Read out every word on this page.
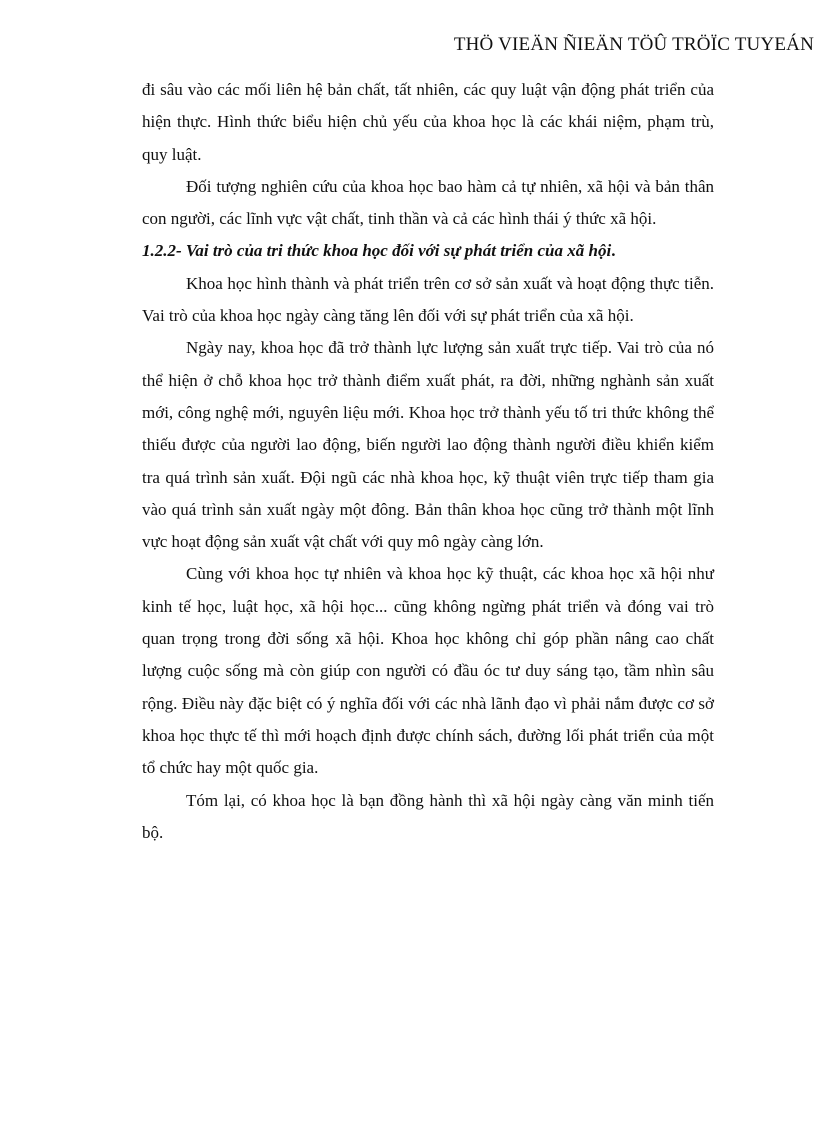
THÖ VIEÄN ÑIEÄN TÖÛ TRÖÏC TUYEÁN

đi sâu vào các mối liên hệ bản chất, tất nhiên, các quy luật vận động phát triển của hiện thực. Hình thức biểu hiện chủ yếu của khoa học là các khái niệm, phạm trù, quy luật.

Đối tượng nghiên cứu của khoa học bao hàm cả tự nhiên, xã hội và bản thân con người, các lĩnh vực vật chất, tinh thần và cả các hình thái ý thức xã hội.

1.2.2- Vai trò của tri thức khoa học đối với sự phát triển của xã hội.

Khoa học hình thành và phát triển trên cơ sở sản xuất và hoạt động thực tiễn. Vai trò của khoa học ngày càng tăng lên đối với sự phát triển của xã hội.

Ngày nay, khoa học đã trở thành lực lượng sản xuất trực tiếp. Vai trò của nó thể hiện ở chỗ khoa học trở thành điểm xuất phát, ra đời, những nghành sản xuất mới, công nghệ mới, nguyên liệu mới. Khoa học trở thành yếu tố tri thức không thể thiếu được của người lao động, biến người lao động thành người điều khiển kiểm tra quá trình sản xuất. Đội ngũ các nhà khoa học, kỹ thuật viên trực tiếp tham gia vào quá trình sản xuất ngày một đông. Bản thân khoa học cũng trở thành một lĩnh vực hoạt động sản xuất vật chất với quy mô ngày càng lớn.

Cùng với khoa học tự nhiên và khoa học kỹ thuật, các khoa học xã hội như kinh tế học, luật học, xã hội học... cũng không ngừng phát triển và đóng vai trò quan trọng trong đời sống xã hội. Khoa học không chỉ góp phần nâng cao chất lượng cuộc sống mà còn giúp con người có đầu óc tư duy sáng tạo, tầm nhìn sâu rộng. Điều này đặc biệt có ý nghĩa đối với các nhà lãnh đạo vì phải nắm được cơ sở khoa học thực tế thì mới hoạch định được chính sách, đường lối phát triển của một tổ chức hay một quốc gia.

Tóm lại, có khoa học là bạn đồng hành thì xã hội ngày càng văn minh tiến bộ.
